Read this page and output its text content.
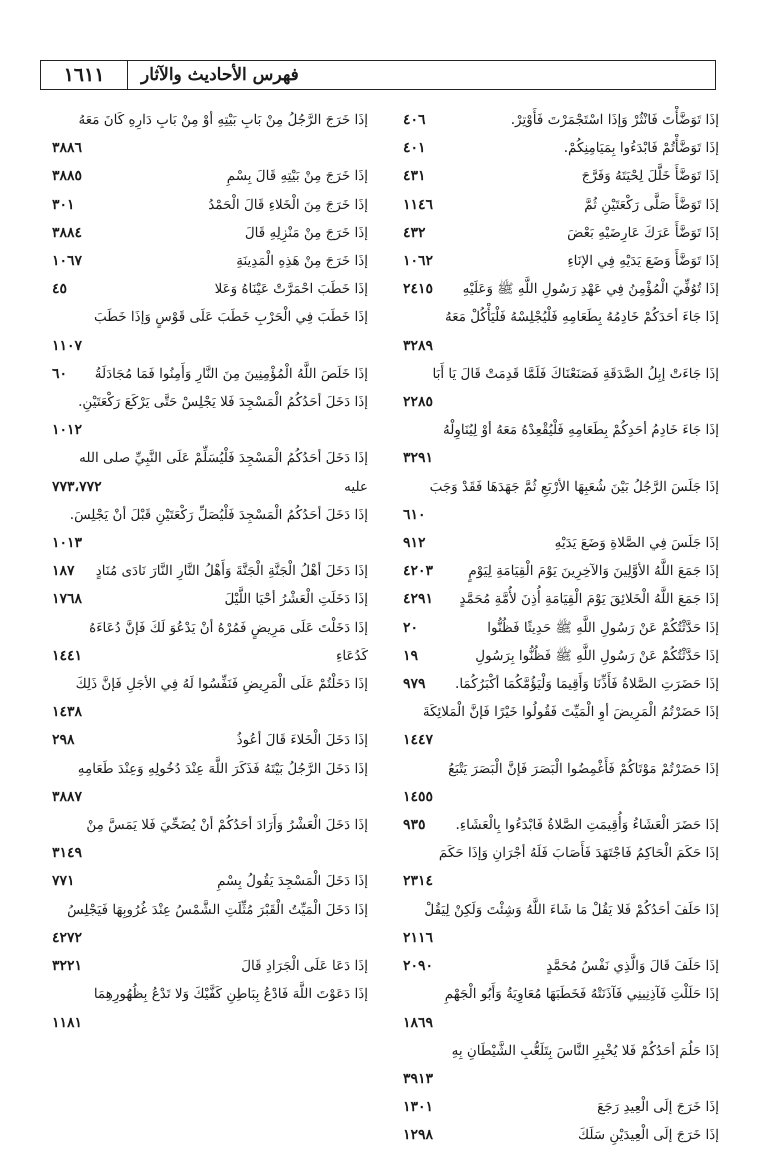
١٦١١	فهرس الأحاديث والآثار
إذَا تَوَضَّأْتَ فَانْثُرْ وَإذَا اسْتَجْمَرْتَ فَأَوْتِرْ.
٤٠٦
إذَا تَوَضَّأْتُمْ فَابْدَءُوا بِمَيَامِنِكُمْ.
٤٠١
إذَا تَوَضَّأَ خَلَّلَ لِحْيَتَهُ وَفَرَّجَ
٤٣١
إذَا تَوَضَّأَ صَلَّى رَكْعَتَيْنِ ثُمَّ
١١٤٦
إذَا تَوَضَّأَ عَرَكَ عَارِضَيْهِ بَعْضَ
٤٣٢
إذَا تَوَضَّأَ وَضَعَ يَدَيْهِ فِي الإنَاءِ
١٠٦٢
إذَا تُوُفِّيَ الْمُؤْمِنُ فِي عَهْدِ رَسُولِ اللَّهِ ﷺ وَعَلَيْهِ
٢٤١٥
إذَا جَاءَ أحَدَكُمْ خَادِمُهُ بِطَعَامِهِ فَلْيُجْلِسْهُ فَلْيَأْكُلْ مَعَهُ
٣٢٨٩
إذَا جَاءَتْ إبِلُ الصَّدَقَةِ فَصَنَعْنَاكَ فَلَمَّا قَدِمَتْ قَالَ يَا أَبَا
٢٢٨٥
إذَا جَاءَ خَادِمُ أحَدِكُمْ بِطَعَامِهِ فَلْيُقْعِدْهُ مَعَهُ أوْ لِيُنَاوِلْهُ
٣٢٩١
إذَا جَلَسَ الرَّجُلُ بَيْنَ شُعَبِهَا الأرْبَعِ ثُمَّ جَهَدَهَا فَقَدْ وَجَبَ
٦١٠
إذَا جَلَسَ فِي الصَّلاةِ وَضَعَ يَدَيْهِ
٩١٢
إذَا جَمَعَ اللَّهُ الأوَّلِينَ وَالآخِرِينَ يَوْمَ الْقِيَامَةِ لِيَوْمٍ
٤٢٠٣
إذَا جَمَعَ اللَّهُ الْخَلائِقَ يَوْمَ الْقِيَامَةِ أُذِنَ لأُمَّةِ مُحَمَّدٍ
٤٢٩١
إذَا حَدَّثْتُكُمْ عَنْ رَسُولِ اللَّهِ ﷺ حَدِيثًا فَظُنُّوا
٢٠
إذَا حَدَّثْتُكُمْ عَنْ رَسُولِ اللَّهِ ﷺ فَظُنُّوا بِرَسُولِ
١٩
إذَا حَضَرَتِ الصَّلاةُ فَأَذِّنَا وَأَقِيمَا وَلْيَؤُمَّكُمَا أكْبَرُكُمَا.
٩٧٩
إذَا حَضَرْتُمُ الْمَرِيضَ أوِ الْمَيِّتَ فَقُولُوا خَيْرًا فَإنَّ الْمَلائِكَةَ
١٤٤٧
إذَا حَضَرْتُمْ مَوْتَاكُمْ فَأَغْمِضُوا الْبَصَرَ فَإنَّ الْبَصَرَ يَتْبَعُ
١٤٥٥
إذَا حَضَرَ الْعَشَاءُ وَأُقِيمَتِ الصَّلاةُ فَابْدَءُوا بِالْعَشَاءِ.
٩٣٥
إذَا حَكَمَ الْحَاكِمُ فَاجْتَهَدَ فَأَصَابَ فَلَهُ أجْرَانِ وَإذَا حَكَمَ
٢٣١٤
إذَا حَلَفَ أحَدُكُمْ فَلا يَقُلْ مَا شَاءَ اللَّهُ وَشِئْتَ وَلَكِنْ لِيَقُلْ
٢١١٦
إذَا حَلَفَ قَالَ وَالَّذِي نَفْسُ مُحَمَّدٍ
٢٠٩٠
إذَا حَلَلْتِ فَآذِنِينِي فَآذَنَتْهُ فَخَطَبَهَا مُعَاوِيَةُ وَأَبُو الْجَهْمِ
١٨٦٩
إذَا حَلُمَ أحَدُكُمْ فَلا يُخْبِرِ النَّاسَ بِتَلَعُّبِ الشَّيْطَانِ بِهِ
٣٩١٣
إذَا خَرَجَ إلَى الْعِيدِ رَجَعَ
١٣٠١
إذَا خَرَجَ إلَى الْعِيدَيْنِ سَلَكَ
١٢٩٨
إذَا خَرَجَ الرَّجُلُ مِنْ بَابِ بَيْتِهِ أوْ مِنْ بَابِ دَارِهِ كَانَ مَعَهُ
٣٨٨٦
إذَا خَرَجَ مِنْ بَيْتِهِ قَالَ بِسْمِ
٣٨٨٥
إذَا خَرَجَ مِنَ الْخَلاءِ قَالَ الْحَمْدُ
٣٠١
إذَا خَرَجَ مِنْ مَنْزِلِهِ قَالَ
٣٨٨٤
إذَا خَرَجَ مِنْ هَذِهِ الْمَدِينَةِ
١٠٦٧
إذَا خَطَبَ احْمَرَّتْ عَيْنَاهُ وَعَلا
٤٥
إذَا خَطَبَ فِي الْحَرْبِ خَطَبَ عَلَى قَوْسٍ وَإذَا خَطَبَ
١١٠٧
إذَا خَلَصَ اللَّهُ الْمُؤْمِنِينَ مِنَ النَّارِ وَأَمِنُوا فَمَا مُجَادَلَةُ
٦٠
إذَا دَخَلَ أحَدُكُمُ الْمَسْجِدَ فَلا يَجْلِسْ حَتَّى يَرْكَعَ رَكْعَتَيْنِ.
١٠١٢
إذَا دَخَلَ أحَدُكُمُ الْمَسْجِدَ فَلْيُسَلِّمْ عَلَى النَّبِيِّ صلى الله
عليه
٧٧٣،٧٧٢
إذَا دَخَلَ أحَدُكُمُ الْمَسْجِدَ فَلْيُصَلِّ رَكْعَتَيْنِ قَبْلَ أنْ يَجْلِسَ.
١٠١٣
إذَا دَخَلَ أهْلُ الْجَنَّةِ الْجَنَّةَ وَأَهْلُ النَّارِ النَّارَ نَادَى مُنَادٍ
١٨٧
إذَا دَخَلَتِ الْعَشْرُ أحْيَا اللَّيْلَ
١٧٦٨
إذَا دَخَلْتَ عَلَى مَرِيضٍ فَمُرْهُ أنْ يَدْعُوَ لَكَ فَإنَّ دُعَاءَهُ
كَدُعَاءِ
١٤٤١
إذَا دَخَلْتُمْ عَلَى الْمَرِيضِ فَنَفِّسُوا لَهُ فِي الأجَلِ فَإنَّ ذَلِكَ
١٤٣٨
إذَا دَخَلَ الْخَلاءَ قَالَ أعُوذُ
٢٩٨
إذَا دَخَلَ الرَّجُلُ بَيْتَهُ فَذَكَرَ اللَّهَ عِنْدَ دُخُولِهِ وَعِنْدَ طَعَامِهِ
٣٨٨٧
إذَا دَخَلَ الْعَشْرُ وَأَرَادَ أحَدُكُمْ أنْ يُضَحِّيَ فَلا يَمَسَّ مِنْ
٣١٤٩
إذَا دَخَلَ الْمَسْجِدَ يَقُولُ بِسْمِ
٧٧١
إذَا دَخَلَ الْمَيِّتُ الْقَبْرَ مُثِّلَتِ الشَّمْسُ عِنْدَ غُرُوبِهَا فَيَجْلِسُ
٤٢٧٢
إذَا دَعَا عَلَى الْجَرَادِ قَالَ
٣٢٢١
إذَا دَعَوْتَ اللَّهَ فَادْعُ بِبَاطِنِ كَفَّيْكَ وَلا تَدْعُ بِظُهُورِهِمَا
١١٨١
